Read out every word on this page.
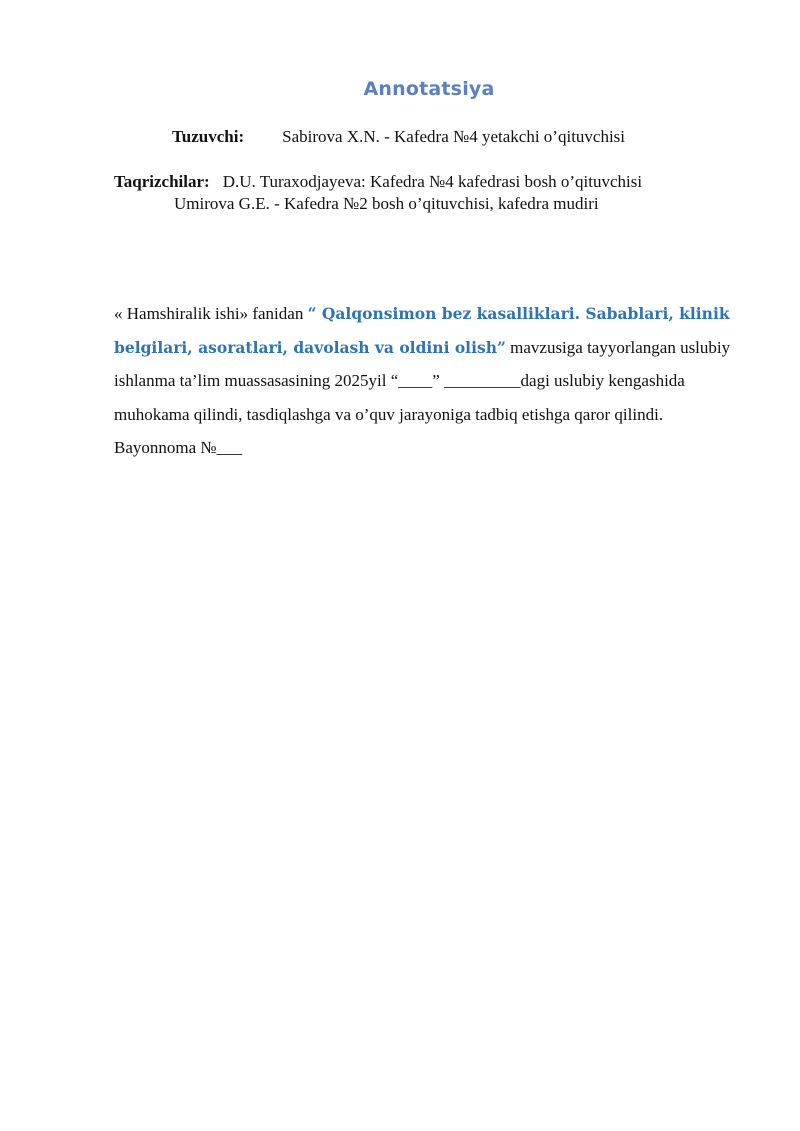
Annotatsiya
Tuzuvchi: Sabirova X.N. - Kafedra №4 yetakchi o’qituvchisi
Taqrizchilar: D.U. Turaxodjayeva: Kafedra №4 kafedrasi bosh o’qituvchisi
Umirova G.E. - Kafedra №2 bosh o’qituvchisi, kafedra mudiri
« Hamshiralik ishi» fanidan “ Qalqonsimon bez kasalliklari. Sabablari, klinik belgilari, asoratlari, davolash va oldini olish” mavzusiga tayyorlangan uslubiy ishlanma ta’lim muassasasining 2025yil “____” _________dagi uslubiy kengashida muhokama qilindi, tasdiqlashga va o’quv jarayoniga tadbiq etishga qaror qilindi.
Bayonnoma №___
